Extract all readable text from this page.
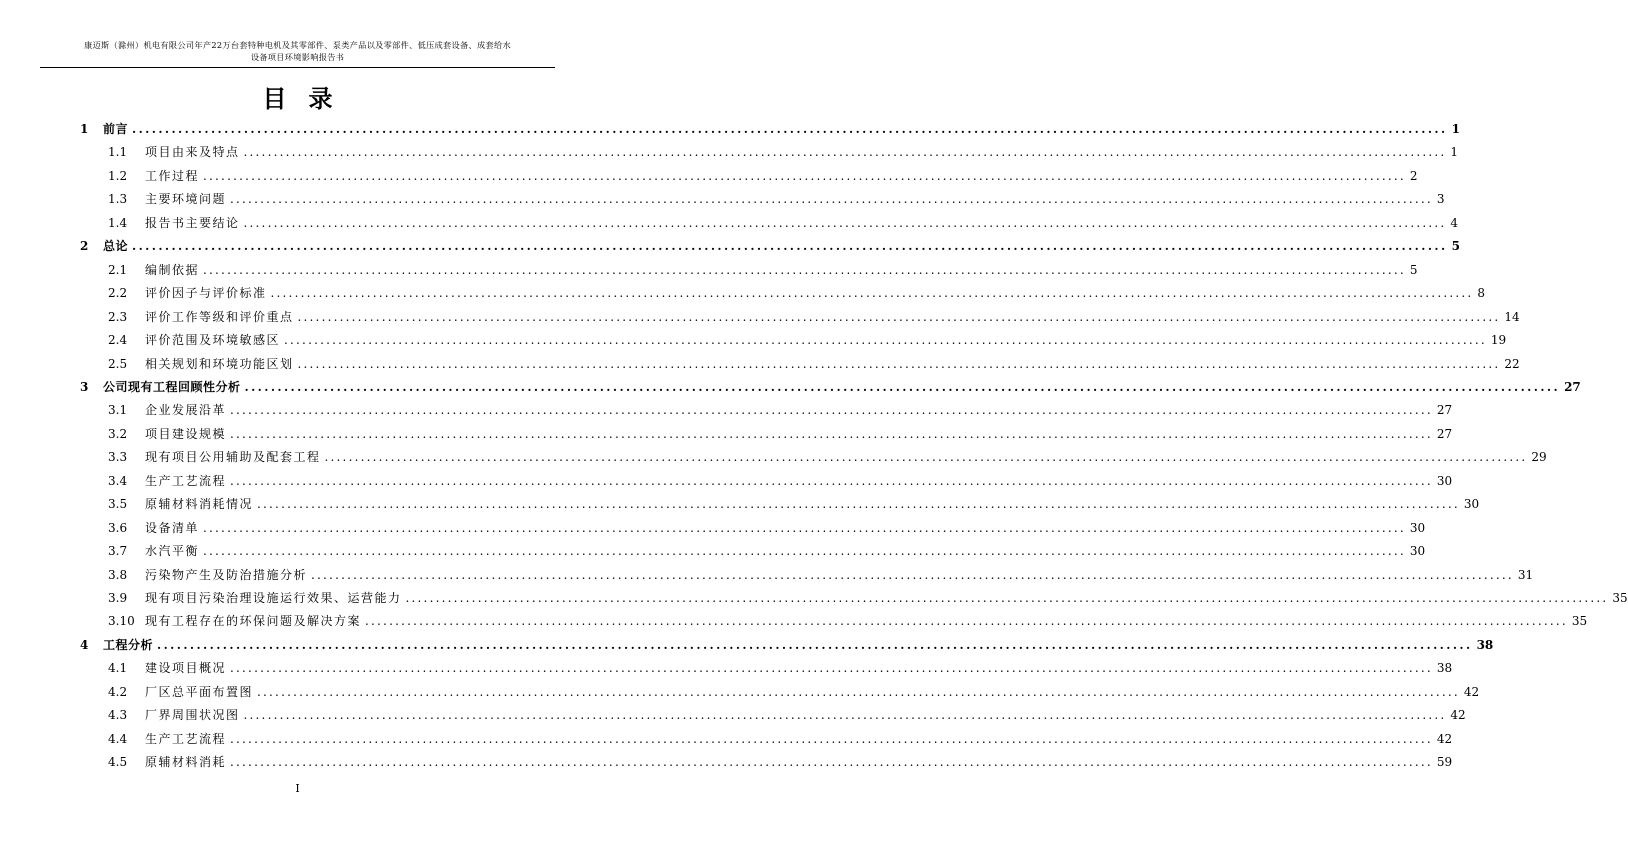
康迈斯（滁州）机电有限公司年产22万台套特种电机及其零部件、泵类产品以及零部件、低压成套设备、成套给水
设备项目环境影响报告书
目录
1	前言 ........................................................................................................................................................................................................ 1
1.1	项目由来及特点 ........................................................................................................................................................................................................ 1
1.2	工作过程 ........................................................................................................................................................................................................ 2
1.3	主要环境问题 ........................................................................................................................................................................................................ 3
1.4	报告书主要结论 ........................................................................................................................................................................................................ 4
2	总论 ........................................................................................................................................................................................................ 5
2.1	编制依据 ........................................................................................................................................................................................................ 5
2.2	评价因子与评价标准 ........................................................................................................................................................................................................ 8
2.3	评价工作等级和评价重点 ........................................................................................................................................................................................................ 14
2.4	评价范围及环境敏感区 ........................................................................................................................................................................................................ 19
2.5	相关规划和环境功能区划 ........................................................................................................................................................................................................ 22
3	公司现有工程回顾性分析 ........................................................................................................................................................................................................ 27
3.1	企业发展沿革 ........................................................................................................................................................................................................ 27
3.2	项目建设规模 ........................................................................................................................................................................................................ 27
3.3	现有项目公用辅助及配套工程 ........................................................................................................................................................................................................ 29
3.4	生产工艺流程 ........................................................................................................................................................................................................ 30
3.5	原辅材料消耗情况 ........................................................................................................................................................................................................ 30
3.6	设备清单 ........................................................................................................................................................................................................ 30
3.7	水汽平衡 ........................................................................................................................................................................................................ 30
3.8	污染物产生及防治措施分析 ........................................................................................................................................................................................................ 31
3.9	现有项目污染治理设施运行效果、运营能力 ........................................................................................................................................................................................................ 35
3.10 现有工程存在的环保问题及解决方案 ........................................................................................................................................................................................................ 35
4	工程分析 ........................................................................................................................................................................................................ 38
4.1	建设项目概况 ........................................................................................................................................................................................................ 38
4.2	厂区总平面布置图 ........................................................................................................................................................................................................ 42
4.3	厂界周围状况图 ........................................................................................................................................................................................................ 42
4.4	生产工艺流程 ........................................................................................................................................................................................................ 42
4.5	原辅材料消耗 ........................................................................................................................................................................................................ 59
I
